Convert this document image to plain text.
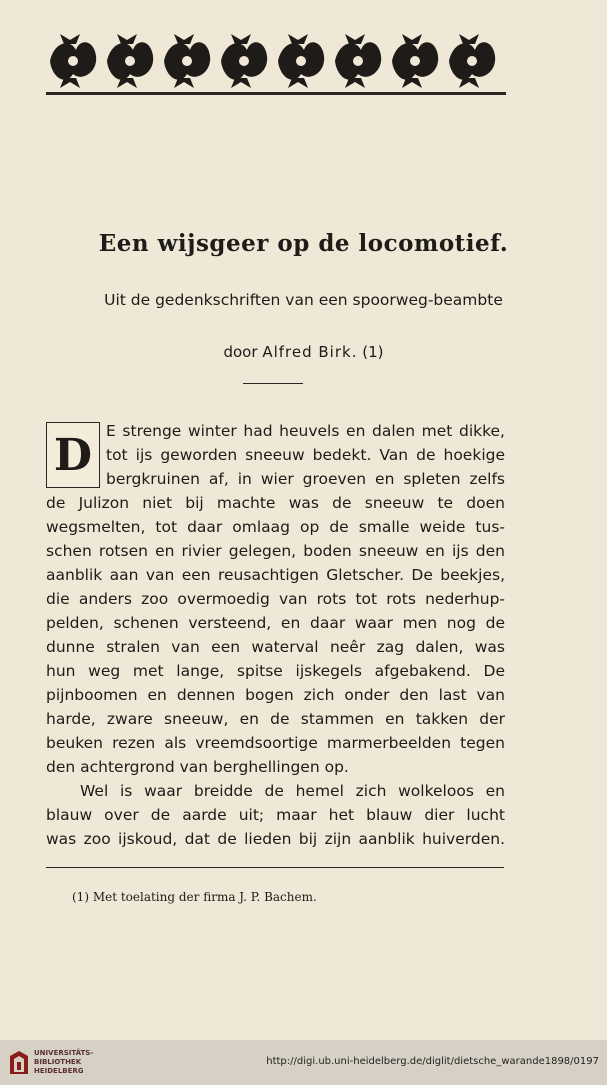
Een wijsgeer op de locomotief.
Uit de gedenkschriften van een spoorweg-beambte
door Alfred Birk. (1)
D E strenge winter had heuvels en dalen met dikke,
tot ijs geworden sneeuw bedekt. Van de hoekige
bergkruinen af, in wier groeven en spleten zelfs
de Julizon niet bij machte was de sneeuw te doen
wegsmelten, tot daar omlaag op de smalle weide tus-
schen rotsen en rivier gelegen, boden sneeuw en ijs den
aanblik aan van een reusachtigen Gletscher. De beekjes,
die anders zoo overmoedig van rots tot rots nederhup-
pelden, schenen versteend, en daar waar men nog de
dunne stralen van een waterval neêr zag dalen, was
hun weg met lange, spitse ijskegels afgebakend. De
pijnboomen en dennen bogen zich onder den last van
harde, zware sneeuw, en de stammen en takken der
beuken rezen als vreemdsoortige marmerbeelden tegen
den achtergrond van berghellingen op.
Wel is waar breidde de hemel zich wolkeloos en
blauw over de aarde uit; maar het blauw dier lucht
was zoo ijskoud, dat de lieden bij zijn aanblik huiverden.
(1) Met toelating der firma J. P. Bachem.
UNIVERSITÄTS-
BIBLIOTHEK
HEIDELBERG
http://digi.ub.uni-heidelberg.de/diglit/dietsche_warande1898/0197
